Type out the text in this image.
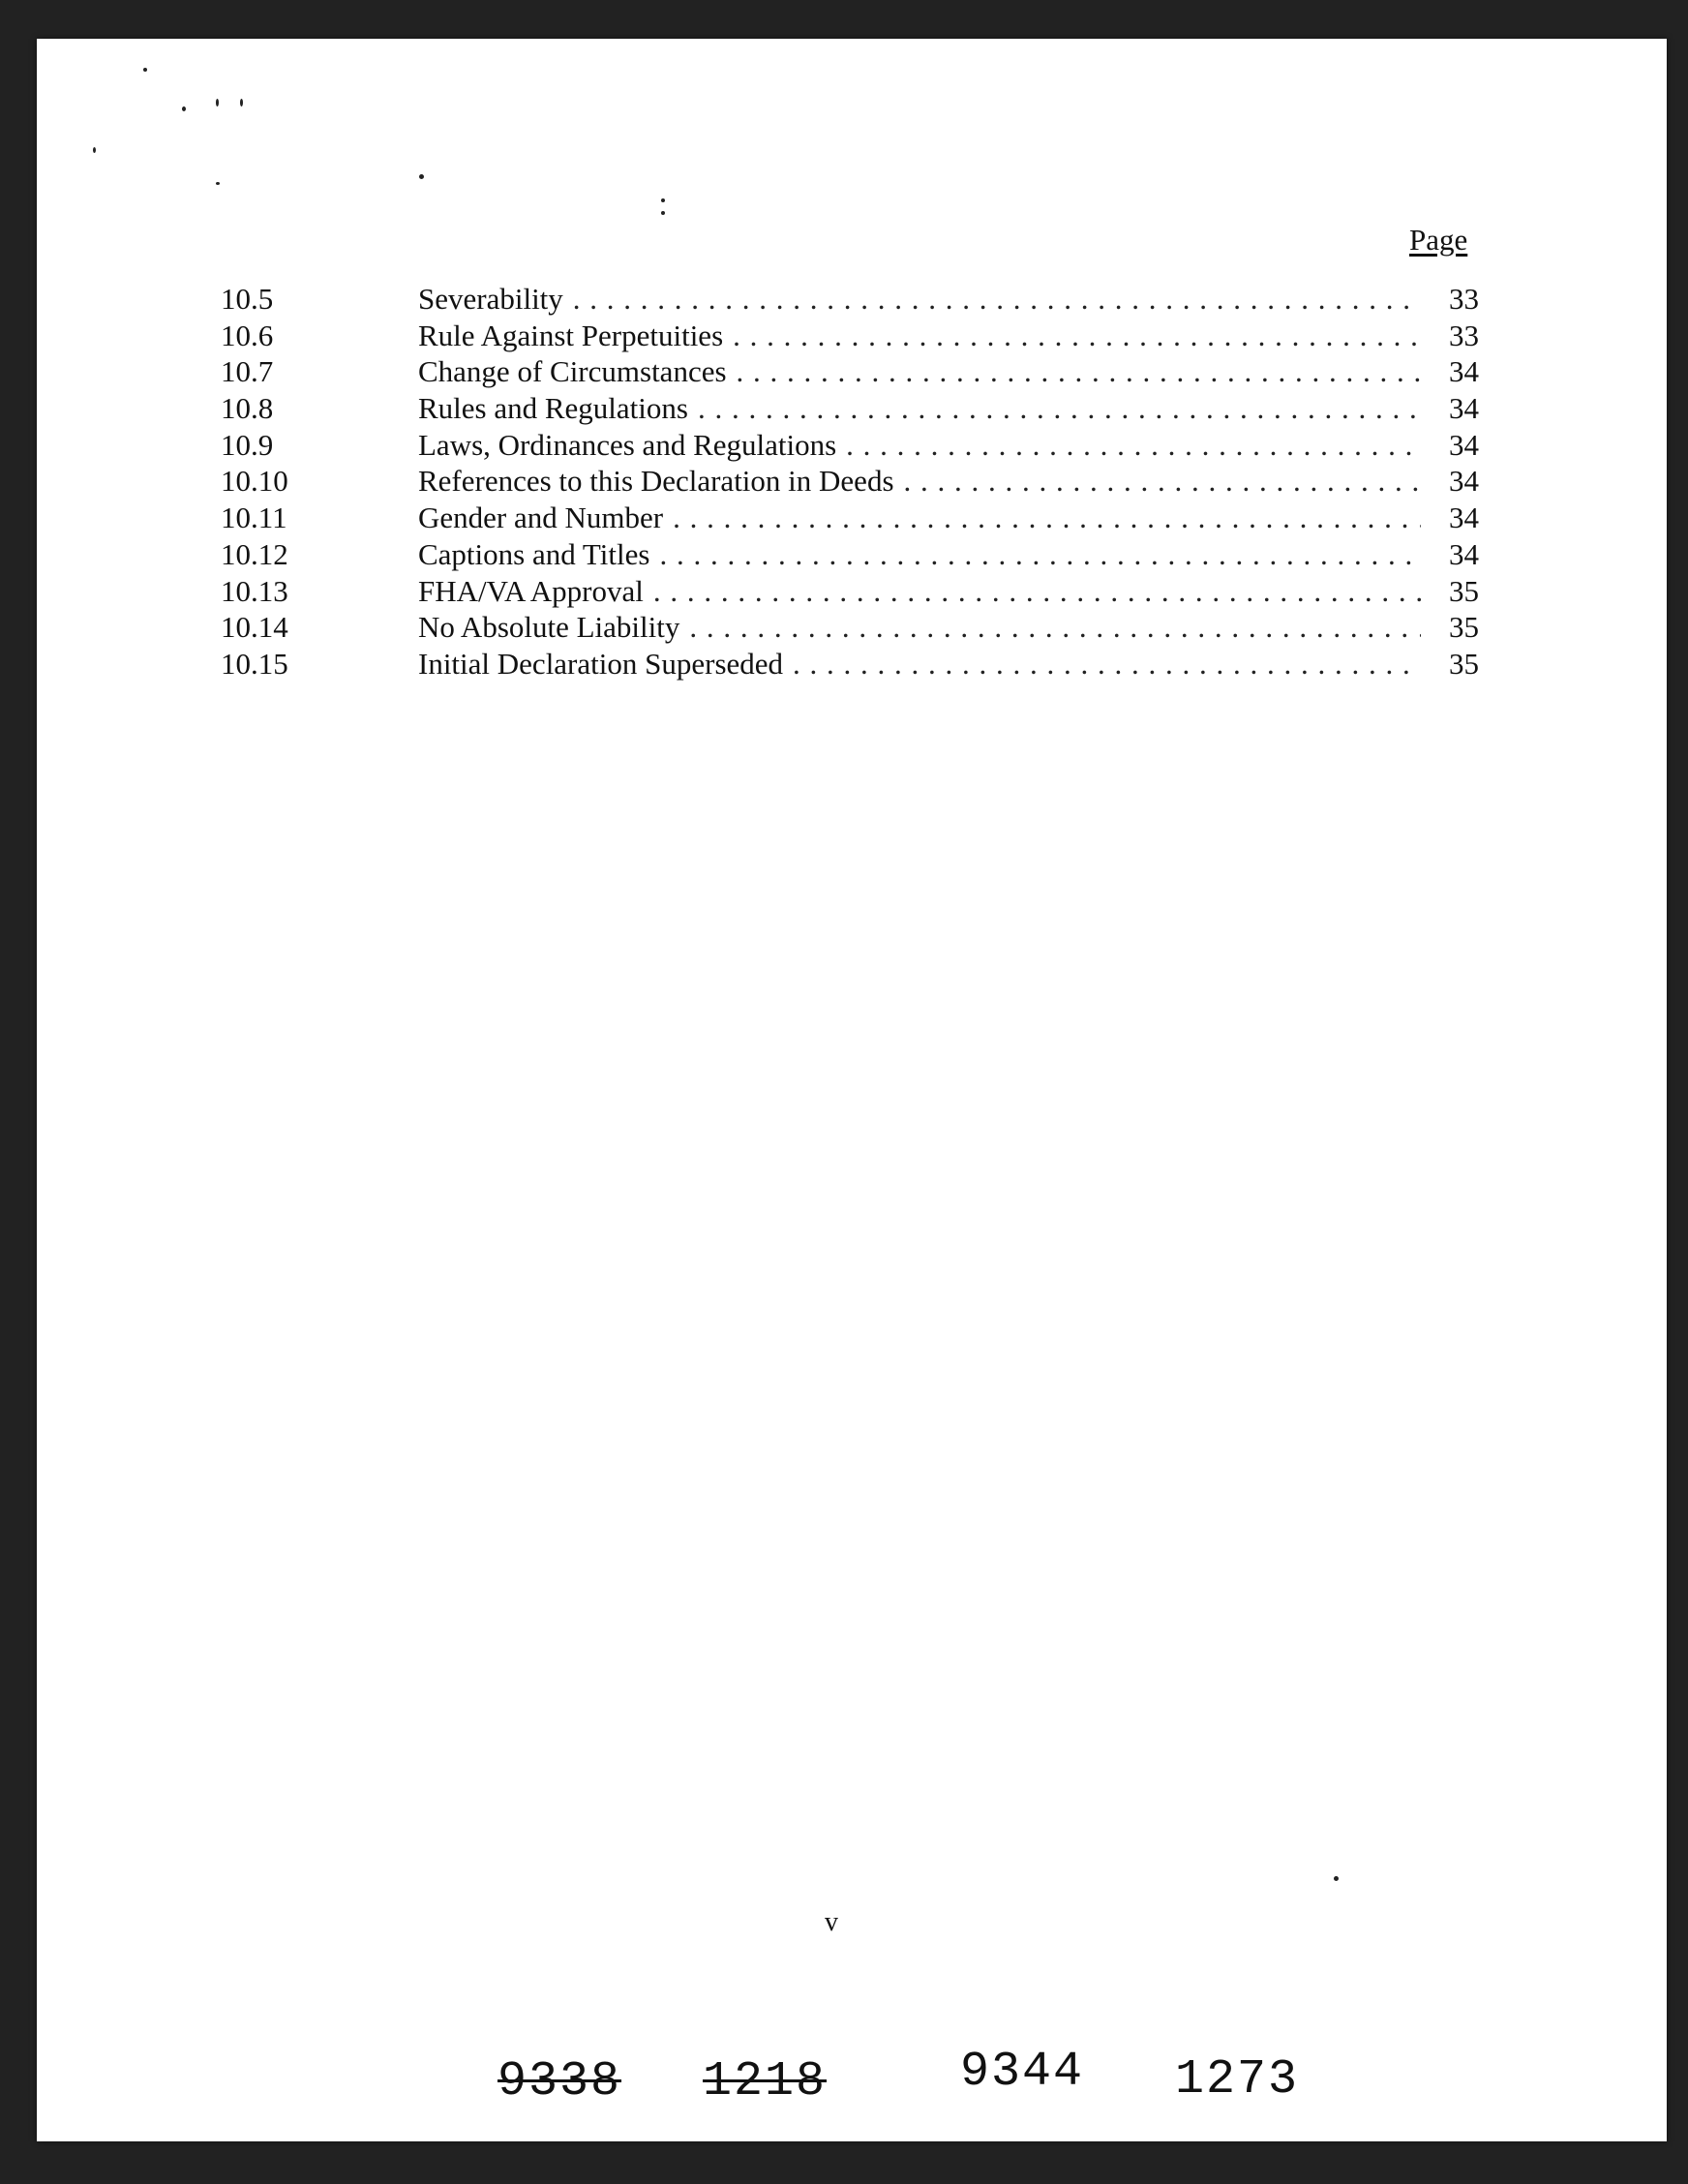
Page
10.5	Severability . . .	33
10.6	Rule Against Perpetuities . . .	33
10.7	Change of Circumstances . . .	34
10.8	Rules and Regulations . . .	34
10.9	Laws, Ordinances and Regulations . . .	34
10.10	References to this Declaration in Deeds . . .	34
10.11	Gender and Number . . .	34
10.12	Captions and Titles . . .	34
10.13	FHA/VA Approval . . .	35
10.14	No Absolute Liability . . .	35
10.15	Initial Declaration Superseded . . .	35
v
9338 1218	9344 1273
